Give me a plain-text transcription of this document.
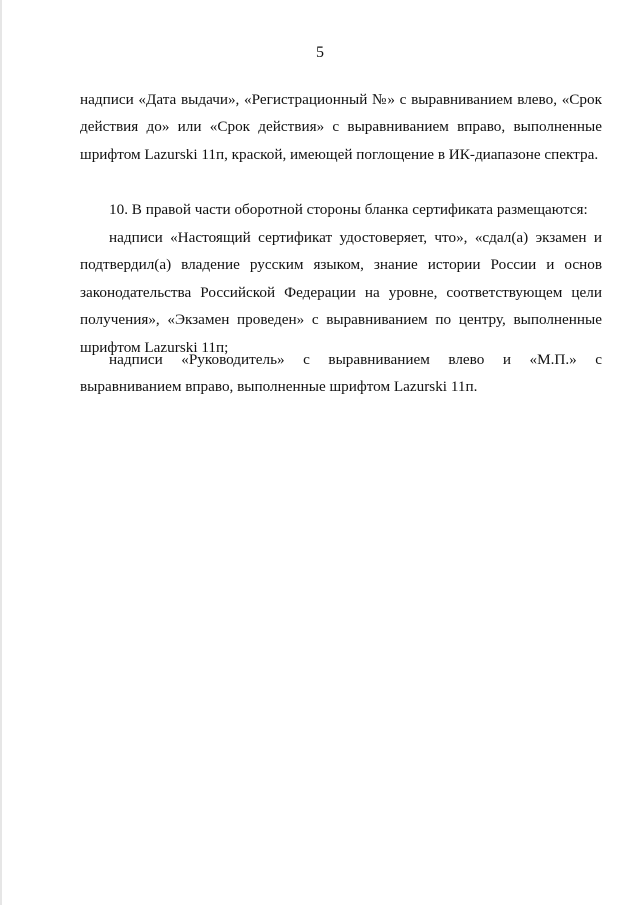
5

надписи «Дата выдачи», «Регистрационный №» с выравниванием влево, «Срок действия до» или «Срок действия» с выравниванием вправо, выполненные шрифтом Lazurski 11п, краской, имеющей поглощение в ИК-диапазоне спектра.

10. В правой части оборотной стороны бланка сертификата размещаются:

надписи «Настоящий сертификат удостоверяет, что», «сдал(а) экзамен и подтвердил(а) владение русским языком, знание истории России и основ законодательства Российской Федерации на уровне, соответствующем цели получения», «Экзамен проведен» с выравниванием по центру, выполненные шрифтом Lazurski 11п;

надписи «Руководитель» с выравниванием влево и «М.П.» с выравниванием вправо, выполненные шрифтом Lazurski 11п.
